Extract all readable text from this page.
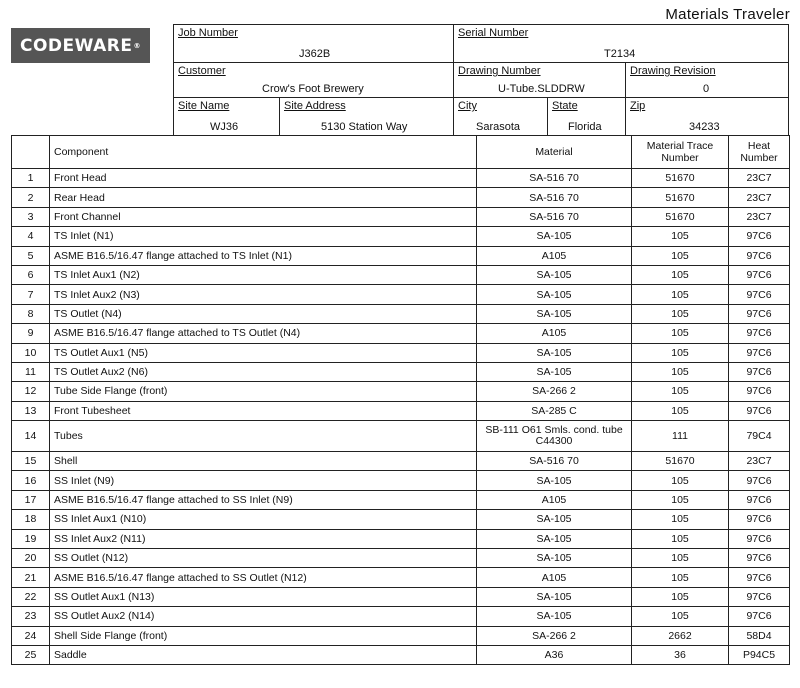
Materials Traveler
CODEWARE ®
Job Number
J362B
Serial Number
T2134
Customer
Crow's Foot Brewery
Drawing Number
U-Tube.SLDDRW
Drawing Revision
0
Site Name
WJ36
Site Address
5130 Station Way
City
Sarasota
State
Florida
Zip
34233
	Component	Material	Material Trace Number	Heat Number
1	Front Head	SA-516 70	51670	23C7
2	Rear Head	SA-516 70	51670	23C7
3	Front Channel	SA-516 70	51670	23C7
4	TS Inlet (N1)	SA-105	105	97C6
5	ASME B16.5/16.47 flange attached to TS Inlet (N1)	A105	105	97C6
6	TS Inlet Aux1 (N2)	SA-105	105	97C6
7	TS Inlet Aux2 (N3)	SA-105	105	97C6
8	TS Outlet (N4)	SA-105	105	97C6
9	ASME B16.5/16.47 flange attached to TS Outlet (N4)	A105	105	97C6
10	TS Outlet Aux1 (N5)	SA-105	105	97C6
11	TS Outlet Aux2 (N6)	SA-105	105	97C6
12	Tube Side Flange (front)	SA-266 2	105	97C6
13	Front Tubesheet	SA-285 C	105	97C6
14	Tubes	SB-111 O61 Smls. cond. tube C44300	111	79C4
15	Shell	SA-516 70	51670	23C7
16	SS Inlet (N9)	SA-105	105	97C6
17	ASME B16.5/16.47 flange attached to SS Inlet (N9)	A105	105	97C6
18	SS Inlet Aux1 (N10)	SA-105	105	97C6
19	SS Inlet Aux2 (N11)	SA-105	105	97C6
20	SS Outlet (N12)	SA-105	105	97C6
21	ASME B16.5/16.47 flange attached to SS Outlet (N12)	A105	105	97C6
22	SS Outlet Aux1 (N13)	SA-105	105	97C6
23	SS Outlet Aux2 (N14)	SA-105	105	97C6
24	Shell Side Flange (front)	SA-266 2	2662	58D4
25	Saddle	A36	36	P94C5
